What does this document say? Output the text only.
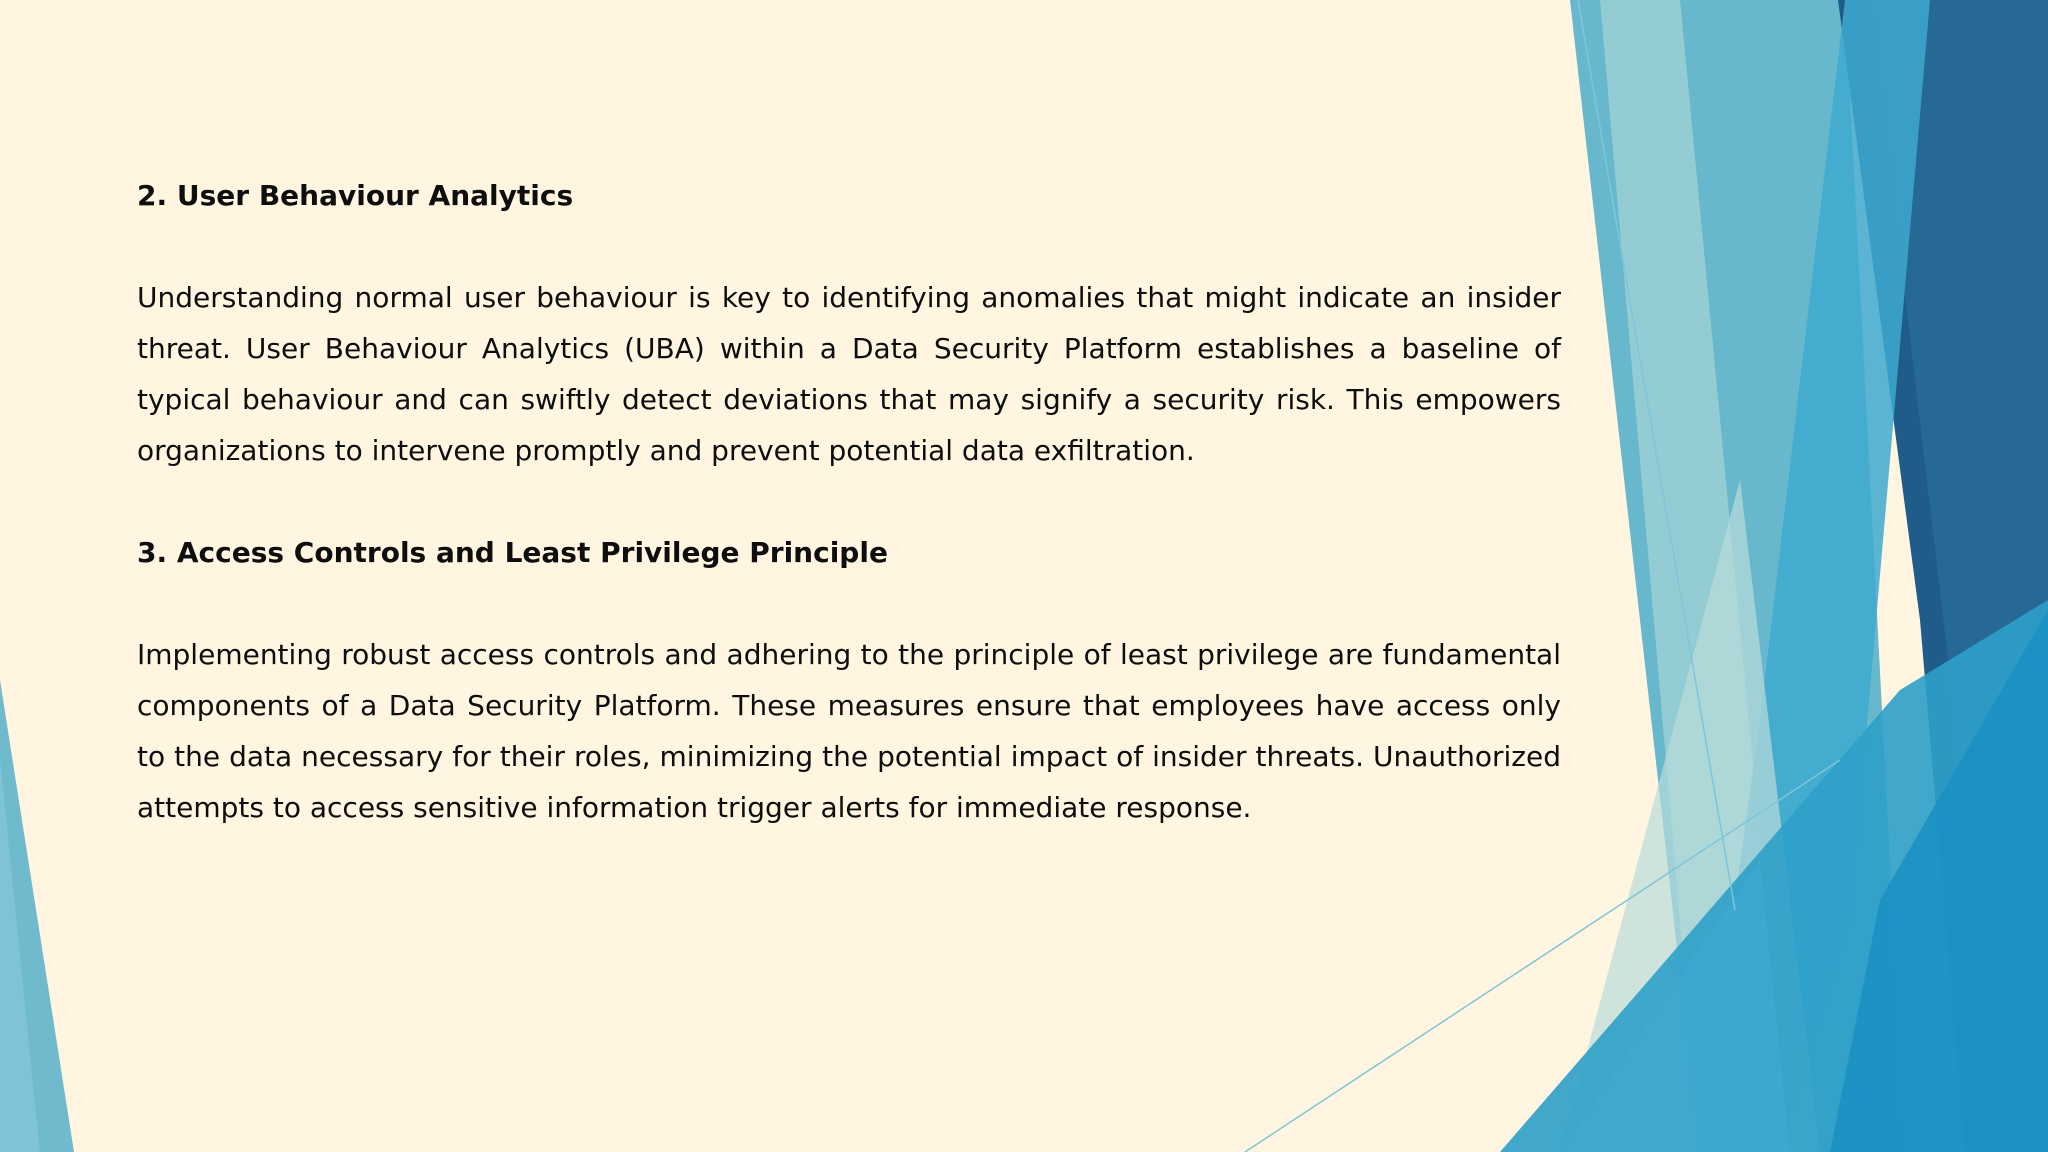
2. User Behaviour Analytics

Understanding normal user behaviour is key to identifying anomalies that might indicate an insider threat. User Behaviour Analytics (UBA) within a Data Security Platform establishes a baseline of typical behaviour and can swiftly detect deviations that may signify a security risk. This empowers organizations to intervene promptly and prevent potential data exfiltration.

3. Access Controls and Least Privilege Principle

Implementing robust access controls and adhering to the principle of least privilege are fundamental components of a Data Security Platform. These measures ensure that employees have access only to the data necessary for their roles, minimizing the potential impact of insider threats. Unauthorized attempts to access sensitive information trigger alerts for immediate response.
